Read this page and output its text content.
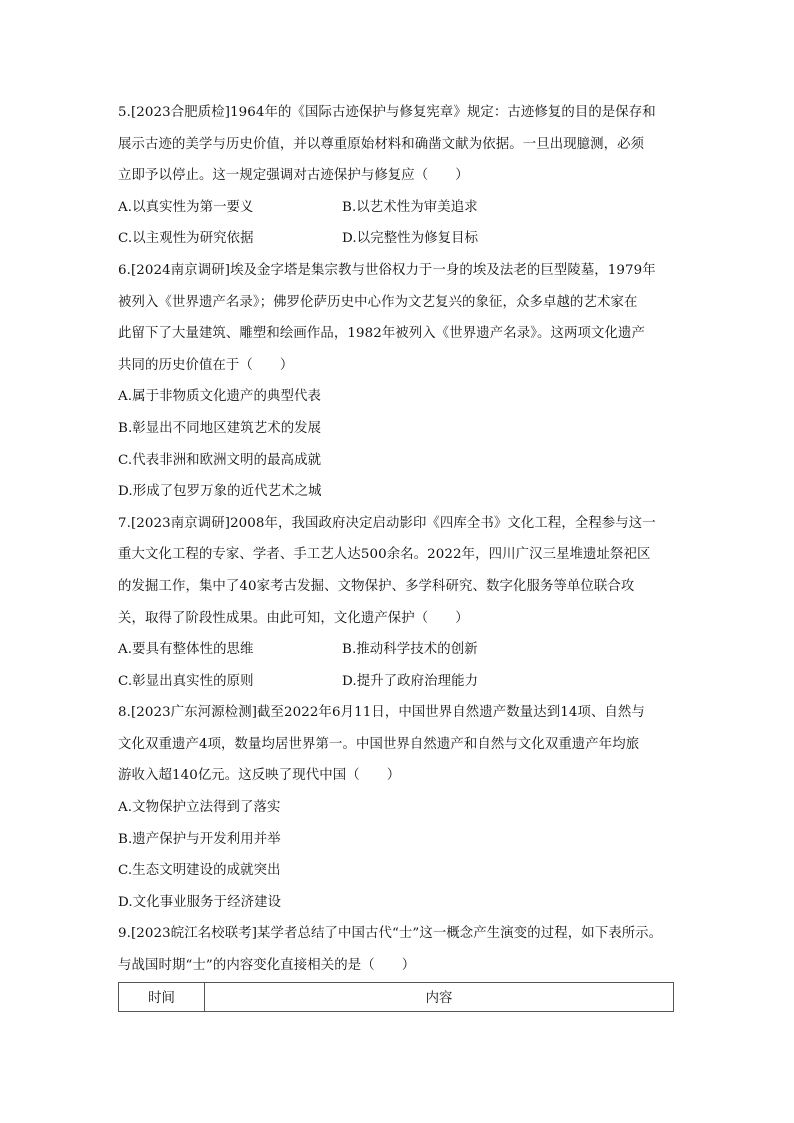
5.[2023合肥质检]1964年的《国际古迹保护与修复宪章》规定：古迹修复的目的是保存和
展示古迹的美学与历史价值，并以尊重原始材料和确凿文献为依据。一旦出现臆测，必须
立即予以停止。这一规定强调对古迹保护与修复应（　　）
A.以真实性为第一要义	B.以艺术性为审美追求
C.以主观性为研究依据	D.以完整性为修复目标
6.[2024南京调研]埃及金字塔是集宗教与世俗权力于一身的埃及法老的巨型陵墓，1979年
被列入《世界遗产名录》；佛罗伦萨历史中心作为文艺复兴的象征，众多卓越的艺术家在
此留下了大量建筑、雕塑和绘画作品，1982年被列入《世界遗产名录》。这两项文化遗产
共同的历史价值在于（　　）
A.属于非物质文化遗产的典型代表
B.彰显出不同地区建筑艺术的发展
C.代表非洲和欧洲文明的最高成就
D.形成了包罗万象的近代艺术之城
7.[2023南京调研]2008年，我国政府决定启动影印《四库全书》文化工程，全程参与这一
重大文化工程的专家、学者、手工艺人达500余名。2022年，四川广汉三星堆遗址祭祀区
的发掘工作，集中了40家考古发掘、文物保护、多学科研究、数字化服务等单位联合攻
关，取得了阶段性成果。由此可知，文化遗产保护（　　）
A.要具有整体性的思维	B.推动科学技术的创新
C.彰显出真实性的原则	D.提升了政府治理能力
8.[2023广东河源检测]截至2022年6月11日，中国世界自然遗产数量达到14项、自然与
文化双重遗产4项，数量均居世界第一。中国世界自然遗产和自然与文化双重遗产年均旅
游收入超140亿元。这反映了现代中国（　　）
A.文物保护立法得到了落实
B.遗产保护与开发利用并举
C.生态文明建设的成就突出
D.文化事业服务于经济建设
9.[2023皖江名校联考]某学者总结了中国古代“士”这一概念产生演变的过程，如下表所示。
与战国时期“士”的内容变化直接相关的是（　　）
时间	内容
